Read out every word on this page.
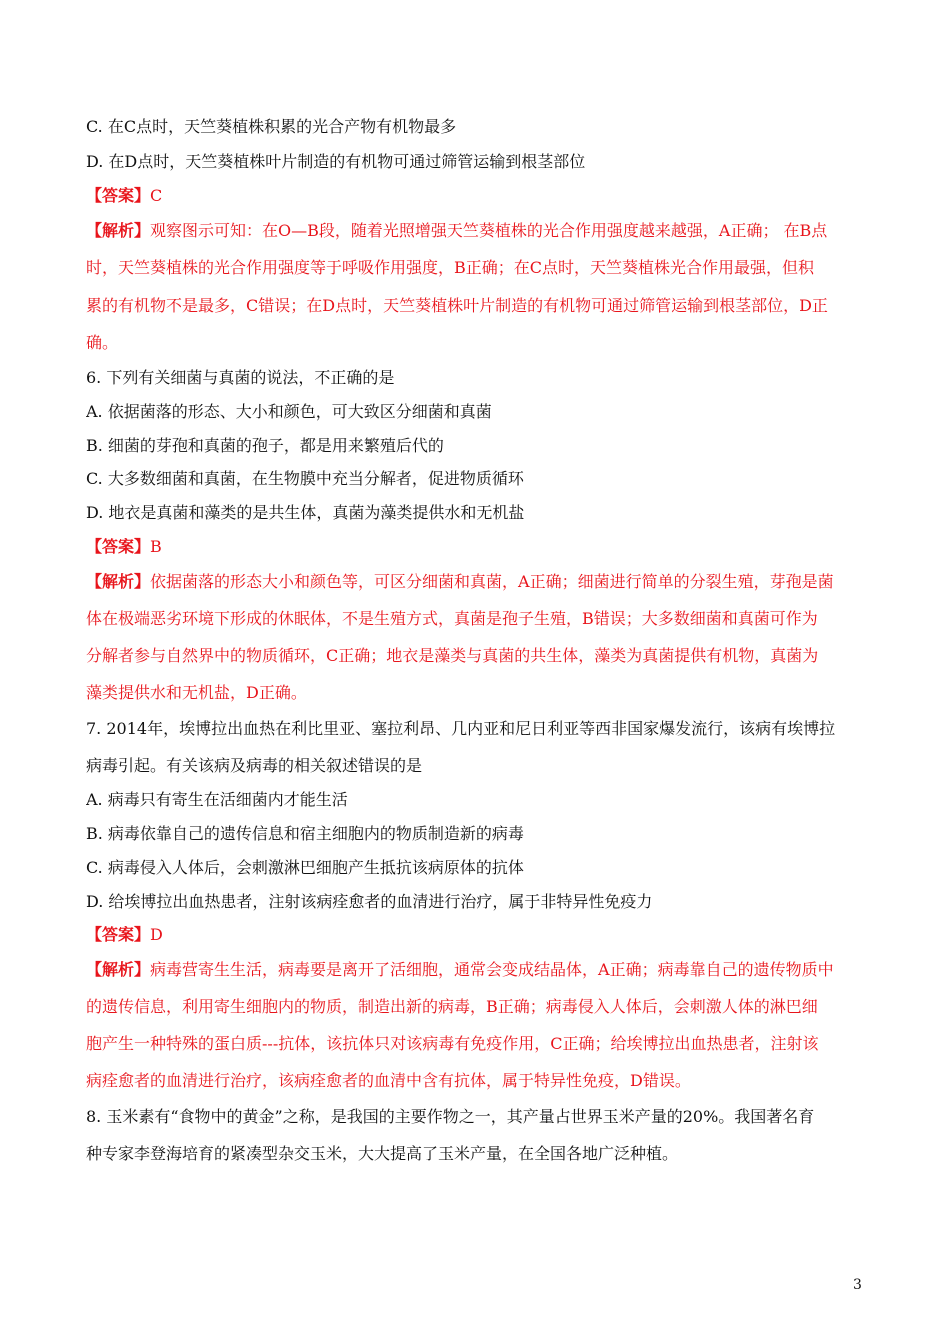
C. 在C点时，天竺葵植株积累的光合产物有机物最多
D. 在D点时，天竺葵植株叶片制造的有机物可通过筛管运输到根茎部位
【答案】C
【解析】观察图示可知：在O—B段，随着光照增强天竺葵植株的光合作用强度越来越强，A正确； 在B点
时，天竺葵植株的光合作用强度等于呼吸作用强度，B正确；在C点时，天竺葵植株光合作用最强，但积
累的有机物不是最多，C错误；在D点时，天竺葵植株叶片制造的有机物可通过筛管运输到根茎部位，D正
确。
6. 下列有关细菌与真菌的说法，不正确的是
A. 依据菌落的形态、大小和颜色，可大致区分细菌和真菌
B. 细菌的芽孢和真菌的孢子，都是用来繁殖后代的
C. 大多数细菌和真菌，在生物膜中充当分解者，促进物质循环
D. 地衣是真菌和藻类的是共生体，真菌为藻类提供水和无机盐
【答案】B
【解析】依据菌落的形态大小和颜色等，可区分细菌和真菌，A正确；细菌进行简单的分裂生殖，芽孢是菌
体在极端恶劣环境下形成的休眠体，不是生殖方式，真菌是孢子生殖，B错误；大多数细菌和真菌可作为
分解者参与自然界中的物质循环，C正确；地衣是藻类与真菌的共生体，藻类为真菌提供有机物，真菌为
藻类提供水和无机盐，D正确。
7. 2014年，埃博拉出血热在利比里亚、塞拉利昂、几内亚和尼日利亚等西非国家爆发流行，该病有埃博拉
病毒引起。有关该病及病毒的相关叙述错误的是
A. 病毒只有寄生在活细菌内才能生活
B. 病毒依靠自己的遗传信息和宿主细胞内的物质制造新的病毒
C. 病毒侵入人体后，会刺激淋巴细胞产生抵抗该病原体的抗体
D. 给埃博拉出血热患者，注射该病痊愈者的血清进行治疗，属于非特异性免疫力
【答案】D
【解析】病毒营寄生生活，病毒要是离开了活细胞，通常会变成结晶体，A正确；病毒靠自己的遗传物质中
的遗传信息，利用寄生细胞内的物质，制造出新的病毒，B正确；病毒侵入人体后，会刺激人体的淋巴细
胞产生一种特殊的蛋白质---抗体，该抗体只对该病毒有免疫作用，C正确；给埃博拉出血热患者，注射该
病痊愈者的血清进行治疗，该病痊愈者的血清中含有抗体，属于特异性免疫，D错误。
8. 玉米素有“食物中的黄金”之称，是我国的主要作物之一，其产量占世界玉米产量的20%。我国著名育
种专家李登海培育的紧凑型杂交玉米，大大提高了玉米产量，在全国各地广泛种植。
3
